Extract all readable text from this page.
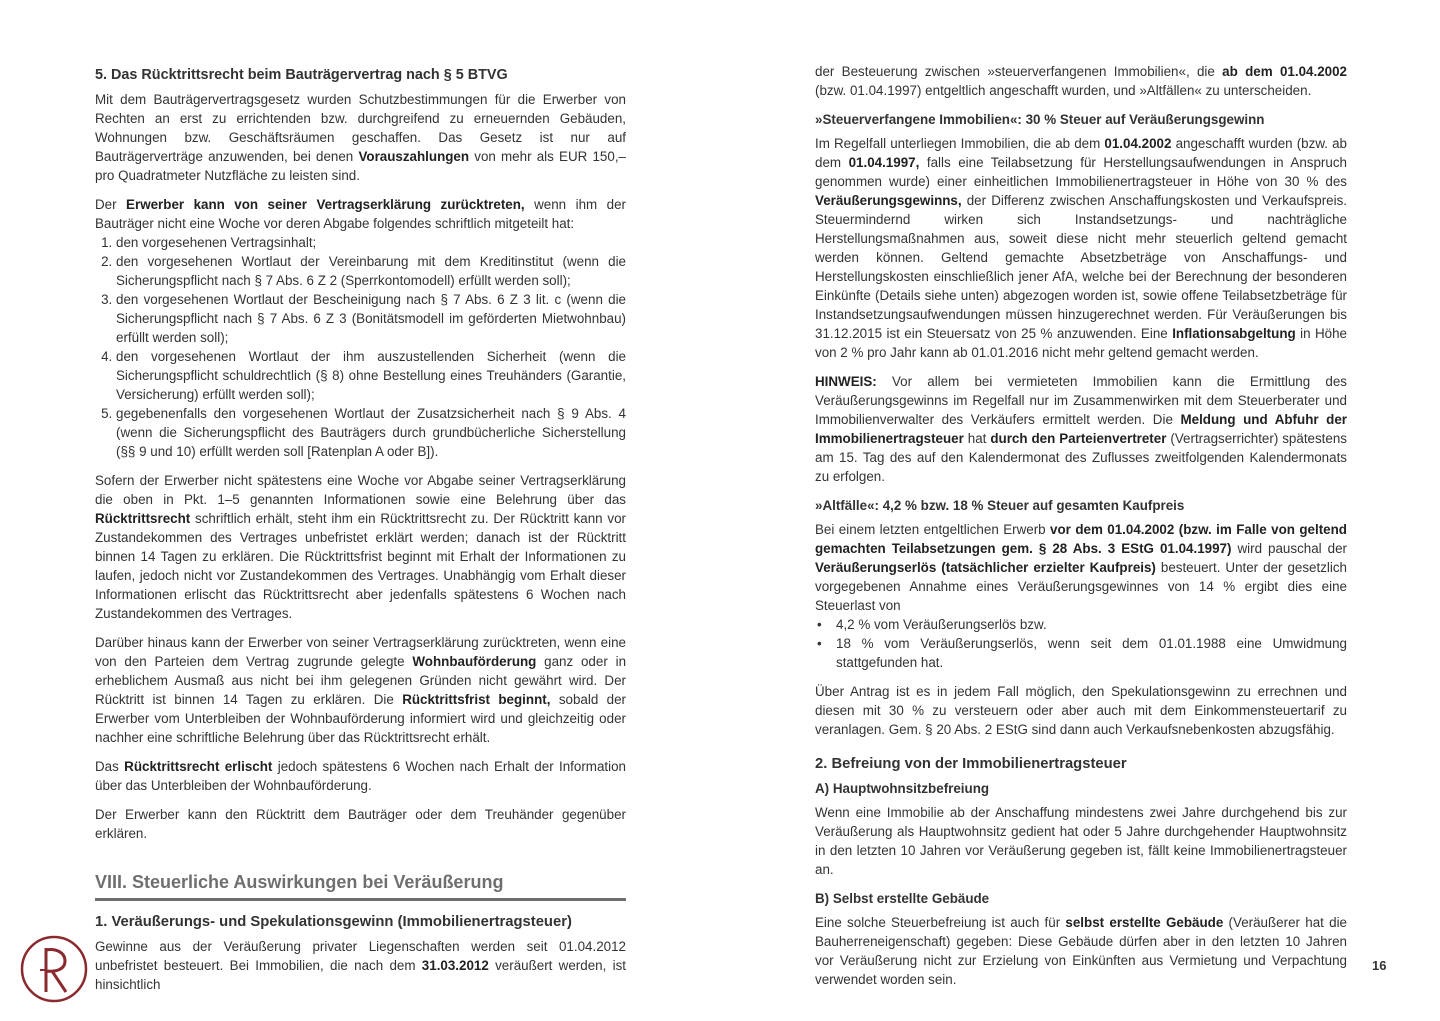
5. Das Rücktrittsrecht beim Bauträgervertrag nach § 5 BTVG

Mit dem Bauträgervertragsgesetz wurden Schutzbestimmungen für die Erwerber von Rechten an erst zu errichtenden bzw. durchgreifend zu erneuernden Gebäuden, Wohnungen bzw. Geschäftsräumen geschaffen. Das Gesetz ist nur auf Bauträgerverträge anzuwenden, bei denen Vorauszahlungen von mehr als EUR 150,– pro Quadratmeter Nutzfläche zu leisten sind.

Der Erwerber kann von seiner Vertragserklärung zurücktreten, wenn ihm der Bauträger nicht eine Woche vor deren Abgabe folgendes schriftlich mitgeteilt hat:

1. den vorgesehenen Vertragsinhalt;
2. den vorgesehenen Wortlaut der Vereinbarung mit dem Kreditinstitut (wenn die Sicherungspflicht nach § 7 Abs. 6 Z 2 (Sperrkontomodell) erfüllt werden soll);
3. den vorgesehenen Wortlaut der Bescheinigung nach § 7 Abs. 6 Z 3 lit. c (wenn die Sicherungspflicht nach § 7 Abs. 6 Z 3 (Bonitätsmodell im geförderten Mietwohnbau) erfüllt werden soll);
4. den vorgesehenen Wortlaut der ihm auszustellenden Sicherheit (wenn die Sicherungspflicht schuldrechtlich (§ 8) ohne Bestellung eines Treuhänders (Garantie, Versicherung) erfüllt werden soll);
5. gegebenenfalls den vorgesehenen Wortlaut der Zusatzsicherheit nach § 9 Abs. 4 (wenn die Sicherungspflicht des Bauträgers durch grundbücherliche Sicherstellung (§§ 9 und 10) erfüllt werden soll [Ratenplan A oder B]).

Sofern der Erwerber nicht spätestens eine Woche vor Abgabe seiner Vertragserklärung die oben in Pkt. 1–5 genannten Informationen sowie eine Belehrung über das Rücktrittsrecht schriftlich erhält, steht ihm ein Rücktrittsrecht zu. Der Rücktritt kann vor Zustandekommen des Vertrages unbefristet erklärt werden; danach ist der Rücktritt binnen 14 Tagen zu erklären. Die Rücktrittsfrist beginnt mit Erhalt der Informationen zu laufen, jedoch nicht vor Zustandekommen des Vertrages. Unabhängig vom Erhalt dieser Informationen erlischt das Rücktrittsrecht aber jedenfalls spätestens 6 Wochen nach Zustandekommen des Vertrages.

Darüber hinaus kann der Erwerber von seiner Vertragserklärung zurücktreten, wenn eine von den Parteien dem Vertrag zugrunde gelegte Wohnbauförderung ganz oder in erheblichem Ausmaß aus nicht bei ihm gelegenen Gründen nicht gewährt wird. Der Rücktritt ist binnen 14 Tagen zu erklären. Die Rücktrittsfrist beginnt, sobald der Erwerber vom Unterbleiben der Wohnbauförderung informiert wird und gleichzeitig oder nachher eine schriftliche Belehrung über das Rücktrittsrecht erhält.

Das Rücktrittsrecht erlischt jedoch spätestens 6 Wochen nach Erhalt der Information über das Unterbleiben der Wohnbauförderung.

Der Erwerber kann den Rücktritt dem Bauträger oder dem Treuhänder gegenüber erklären.

VIII. Steuerliche Auswirkungen bei Veräußerung
1. Veräußerungs- und Spekulationsgewinn (Immobilienertragsteuer)

Gewinne aus der Veräußerung privater Liegenschaften werden seit 01.04.2012 unbefristet besteuert. Bei Immobilien, die nach dem 31.03.2012 veräußert werden, ist hinsichtlich

der Besteuerung zwischen »steuerverfangenen Immobilien«, die ab dem 01.04.2002 (bzw. 01.04.1997) entgeltlich angeschafft wurden, und »Altfällen« zu unterscheiden.

»Steuerverfangene Immobilien«: 30 % Steuer auf Veräußerungsgewinn

Im Regelfall unterliegen Immobilien, die ab dem 01.04.2002 angeschafft wurden (bzw. ab dem 01.04.1997, falls eine Teilabsetzung für Herstellungsaufwendungen in Anspruch genommen wurde) einer einheitlichen Immobilienertragsteuer in Höhe von 30 % des Veräußerungsgewinns, der Differenz zwischen Anschaffungskosten und Verkaufspreis. Steuermindernd wirken sich Instandsetzungs- und nachträgliche Herstellungsmaßnahmen aus, soweit diese nicht mehr steuerlich geltend gemacht werden können. Geltend gemachte Absetzbeträge von Anschaffungs- und Herstellungskosten einschließlich jener AfA, welche bei der Berechnung der besonderen Einkünfte (Details siehe unten) abgezogen worden ist, sowie offene Teilabsetzbeträge für Instandsetzungsaufwendungen müssen hinzugerechnet werden. Für Veräußerungen bis 31.12.2015 ist ein Steuersatz von 25 % anzuwenden. Eine Inflationsabgeltung in Höhe von 2 % pro Jahr kann ab 01.01.2016 nicht mehr geltend gemacht werden.

HINWEIS: Vor allem bei vermieteten Immobilien kann die Ermittlung des Veräußerungsgewinns im Regelfall nur im Zusammenwirken mit dem Steuerberater und Immobilienverwalter des Verkäufers ermittelt werden. Die Meldung und Abfuhr der Immobilienertragsteuer hat durch den Parteienvertreter (Vertragserrichter) spätestens am 15. Tag des auf den Kalendermonat des Zuflusses zweitfolgenden Kalendermonats zu erfolgen.

»Altfälle«: 4,2 % bzw. 18 % Steuer auf gesamten Kaufpreis

Bei einem letzten entgeltlichen Erwerb vor dem 01.04.2002 (bzw. im Falle von geltend gemachten Teilabsetzungen gem. § 28 Abs. 3 EStG 01.04.1997) wird pauschal der Veräußerungserlös (tatsächlicher erzielter Kaufpreis) besteuert. Unter der gesetzlich vorgegebenen Annahme eines Veräußerungsgewinnes von 14 % ergibt dies eine Steuerlast von

• 4,2 % vom Veräußerungserlös bzw.
• 18 % vom Veräußerungserlös, wenn seit dem 01.01.1988 eine Umwidmung stattgefunden hat.

Über Antrag ist es in jedem Fall möglich, den Spekulationsgewinn zu errechnen und diesen mit 30 % zu versteuern oder aber auch mit dem Einkommensteuertarif zu veranlagen. Gem. § 20 Abs. 2 EStG sind dann auch Verkaufsnebenkosten abzugsfähig.

2. Befreiung von der Immobilienertragsteuer
A) Hauptwohnsitzbefreiung

Wenn eine Immobilie ab der Anschaffung mindestens zwei Jahre durchgehend bis zur Veräußerung als Hauptwohnsitz gedient hat oder 5 Jahre durchgehender Hauptwohnsitz in den letzten 10 Jahren vor Veräußerung gegeben ist, fällt keine Immobilienertragsteuer an.

B) Selbst erstellte Gebäude

Eine solche Steuerbefreiung ist auch für selbst erstellte Gebäude (Veräußerer hat die Bauherreneigenschaft) gegeben: Diese Gebäude dürfen aber in den letzten 10 Jahren vor Veräußerung nicht zur Erzielung von Einkünften aus Vermietung und Verpachtung verwendet worden sein.

16
